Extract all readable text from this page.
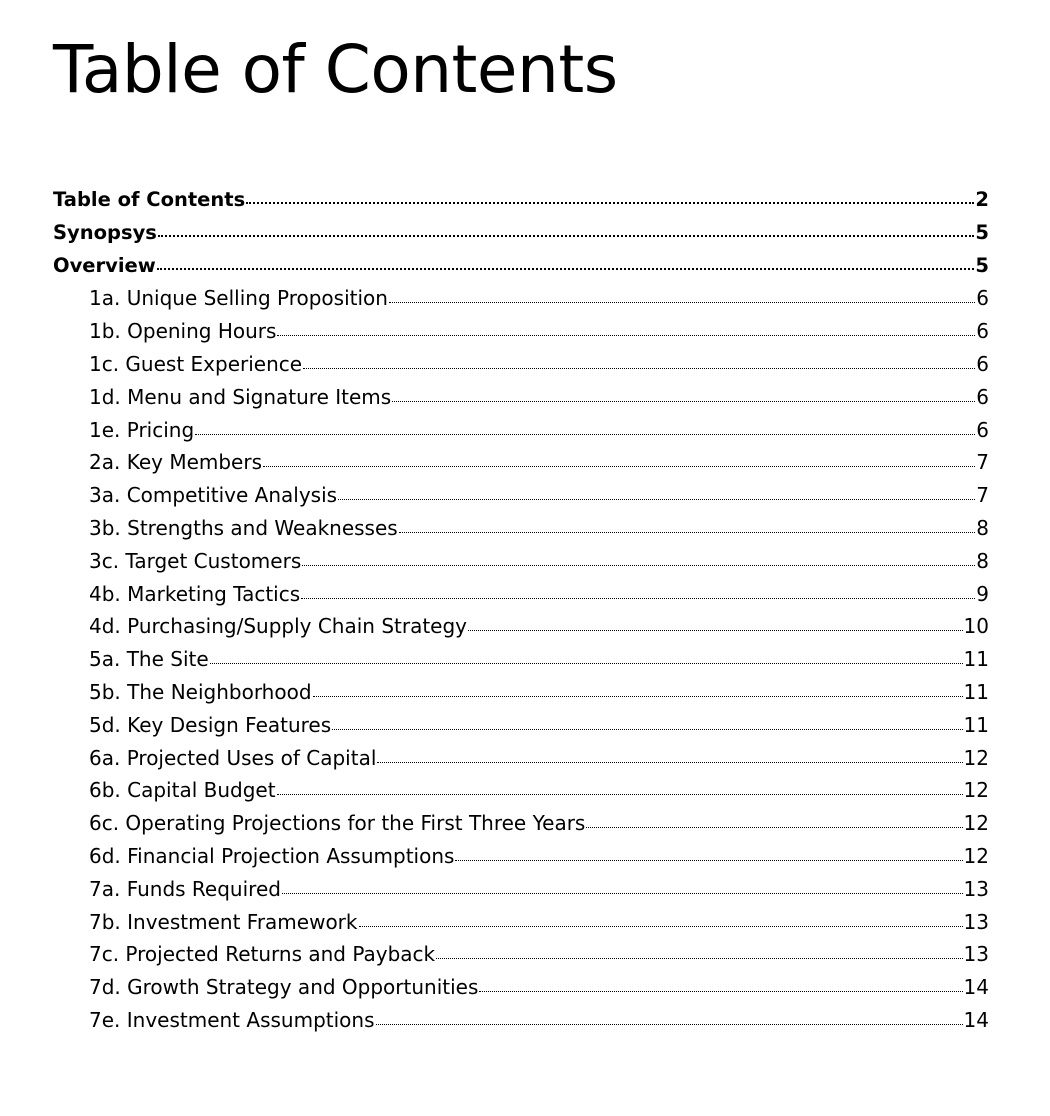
Table of Contents
Table of Contents	2
Synopsys	5
Overview	5
1a. Unique Selling Proposition	6
1b. Opening Hours	6
1c. Guest Experience	6
1d. Menu and Signature Items	6
1e. Pricing	6
2a. Key Members	7
3a. Competitive Analysis	7
3b. Strengths and Weaknesses	8
3c. Target Customers	8
4b. Marketing Tactics	9
4d. Purchasing/Supply Chain Strategy	10
5a. The Site	11
5b. The Neighborhood	11
5d. Key Design Features	11
6a. Projected Uses of Capital	12
6b. Capital Budget	12
6c. Operating Projections for the First Three Years	12
6d. Financial Projection Assumptions	12
7a. Funds Required	13
7b. Investment Framework	13
7c. Projected Returns and Payback	13
7d. Growth Strategy and Opportunities	14
7e. Investment Assumptions	14
